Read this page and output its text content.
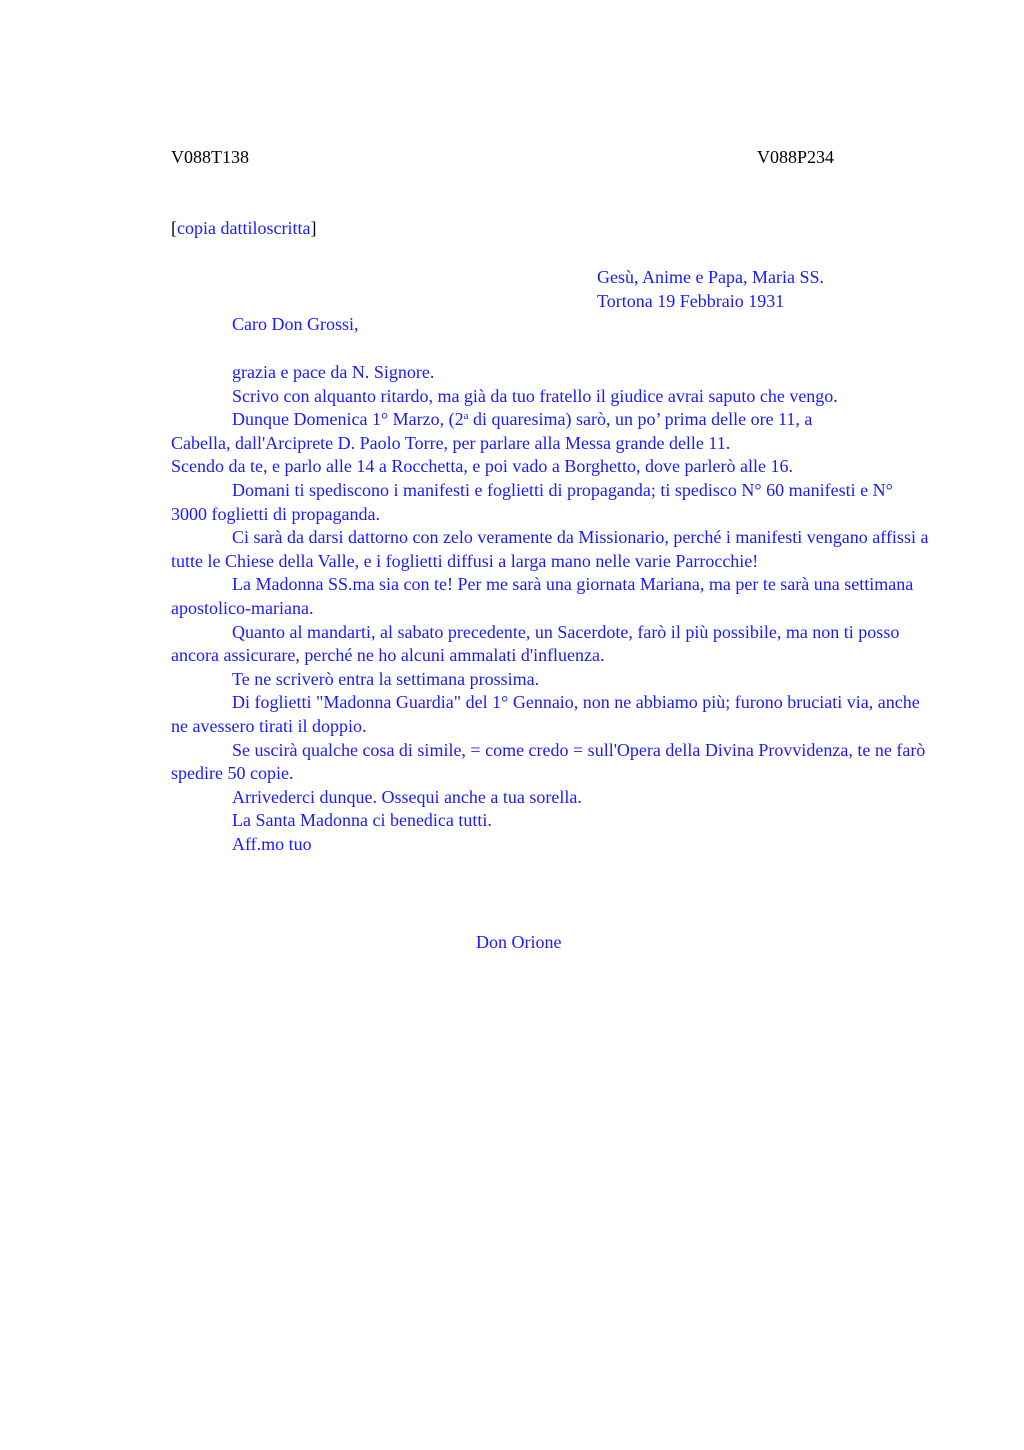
V088T138	V088P234
[copia dattiloscritta]
Gesù, Anime e Papa, Maria SS.
Tortona 19 Febbraio 1931
Caro Don Grossi,

grazia e pace da N. Signore.

Scrivo con alquanto ritardo, ma già da tuo fratello il giudice avrai saputo che vengo.

Dunque Domenica 1° Marzo, (2$^a$ di quaresima) sarò, un po’ prima delle ore 11, a

Cabella, dall'Arciprete D. Paolo Torre, per parlare alla Messa grande delle 11.

Scendo da te, e parlo alle 14 a Rocchetta, e poi vado a Borghetto, dove parlerò alle 16.

Domani ti spediscono i manifesti e foglietti di propaganda; ti spedisco N° 60 manifesti e N° 3000 foglietti di propaganda.

Ci sarà da darsi dattorno con zelo veramente da Missionario, perché i manifesti vengano affissi a tutte le Chiese della Valle, e i foglietti diffusi a larga mano nelle varie Parrocchie!

La Madonna SS.ma sia con te! Per me sarà una giornata Mariana, ma per te sarà una settimana apostolico-mariana.

Quanto al mandarti, al sabato precedente, un Sacerdote, farò il più possibile, ma non ti posso ancora assicurare, perché ne ho alcuni ammalati d'influenza.

Te ne scriverò entra la settimana prossima.

Di foglietti "Madonna Guardia" del 1° Gennaio, non ne abbiamo più; furono bruciati via, anche ne avessero tirati il doppio.

Se uscirà qualche cosa di simile, = come credo = sull'Opera della Divina Provvidenza, te ne farò spedire 50 copie.

Arrivederci dunque. Ossequi anche a tua sorella.

La Santa Madonna ci benedica tutti.

Aff.mo tuo

Don Orione
